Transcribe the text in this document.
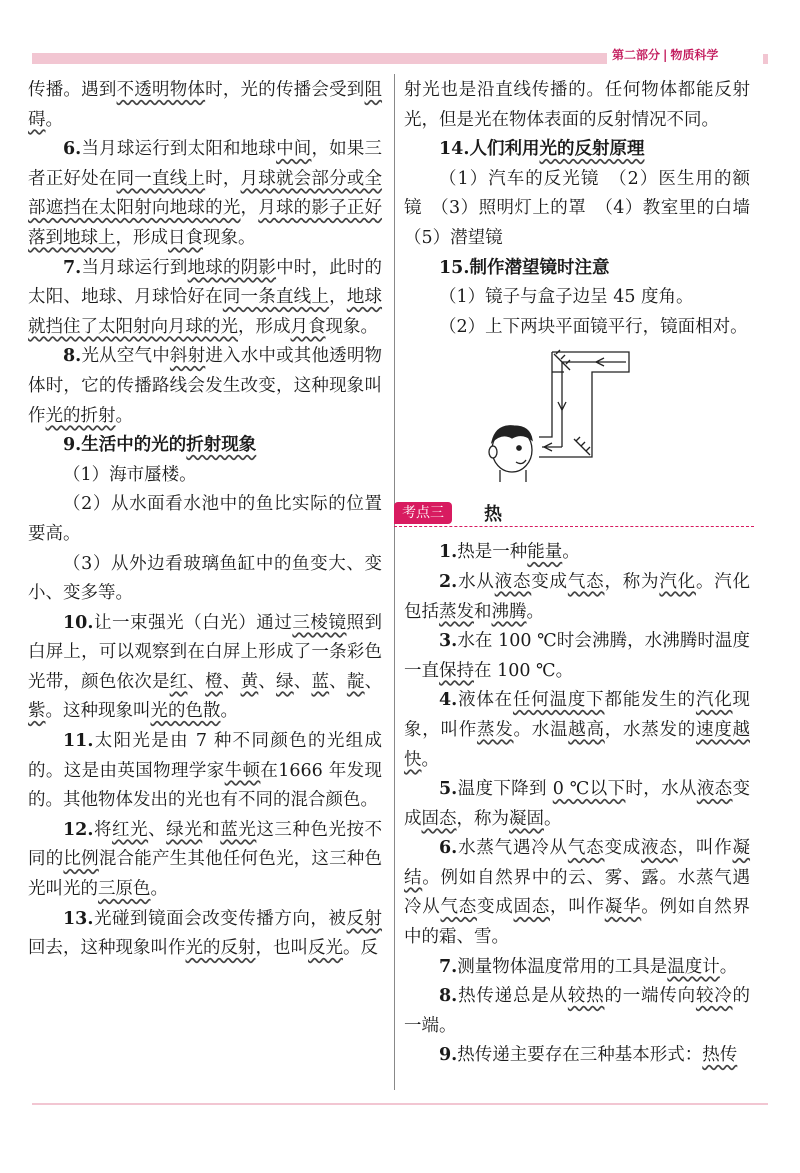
第二部分 | 物质科学

传播。遇到不透明物体时，光的传播会受到阻碍。

6.当月球运行到太阳和地球中间，如果三者正好处在同一直线上时，月球就会部分或全部遮挡在太阳射向地球的光，月球的影子正好落到地球上，形成日食现象。

7.当月球运行到地球的阴影中时，此时的太阳、地球、月球恰好在同一条直线上，地球就挡住了太阳射向月球的光，形成月食现象。

8.光从空气中斜射进入水中或其他透明物体时，它的传播路线会发生改变，这种现象叫作光的折射。

9.生活中的光的折射现象

（1）海市蜃楼。

（2）从水面看水池中的鱼比实际的位置要高。

（3）从外边看玻璃鱼缸中的鱼变大、变小、变多等。

10.让一束强光（白光）通过三棱镜照到白屏上，可以观察到在白屏上形成了一条彩色光带，颜色依次是红、橙、黄、绿、蓝、靛、紫。这种现象叫光的色散。

11.太阳光是由 7 种不同颜色的光组成的。这是由英国物理学家牛顿在1666 年发现的。其他物体发出的光也有不同的混合颜色。

12.将红光、绿光和蓝光这三种色光按不同的比例混合能产生其他任何色光，这三种色光叫光的三原色。

13.光碰到镜面会改变传播方向，被反射回去，这种现象叫作光的反射，也叫反光。反

射光也是沿直线传播的。任何物体都能反射光，但是光在物体表面的反射情况不同。

14.人们利用光的反射原理

（1）汽车的反光镜　（2）医生用的额镜　（3）照明灯上的罩　（4）教室里的白墙　（5）潜望镜

15.制作潜望镜时注意

（1）镜子与盒子边呈 45 度角。

（2）上下两块平面镜平行，镜面相对。

考点三	热

1.热是一种能量。

2.水从液态变成气态，称为汽化。汽化包括蒸发和沸腾。

3.水在 100 ℃时会沸腾，水沸腾时温度一直保持在 100 ℃。

4.液体在任何温度下都能发生的汽化现象，叫作蒸发。水温越高，水蒸发的速度越快。

5.温度下降到 0 ℃以下时，水从液态变成固态，称为凝固。

6.水蒸气遇冷从气态变成液态，叫作凝结。例如自然界中的云、雾、露。水蒸气遇冷从气态变成固态，叫作凝华。例如自然界中的霜、雪。

7.测量物体温度常用的工具是温度计。

8.热传递总是从较热的一端传向较冷的一端。

9.热传递主要存在三种基本形式：热传
